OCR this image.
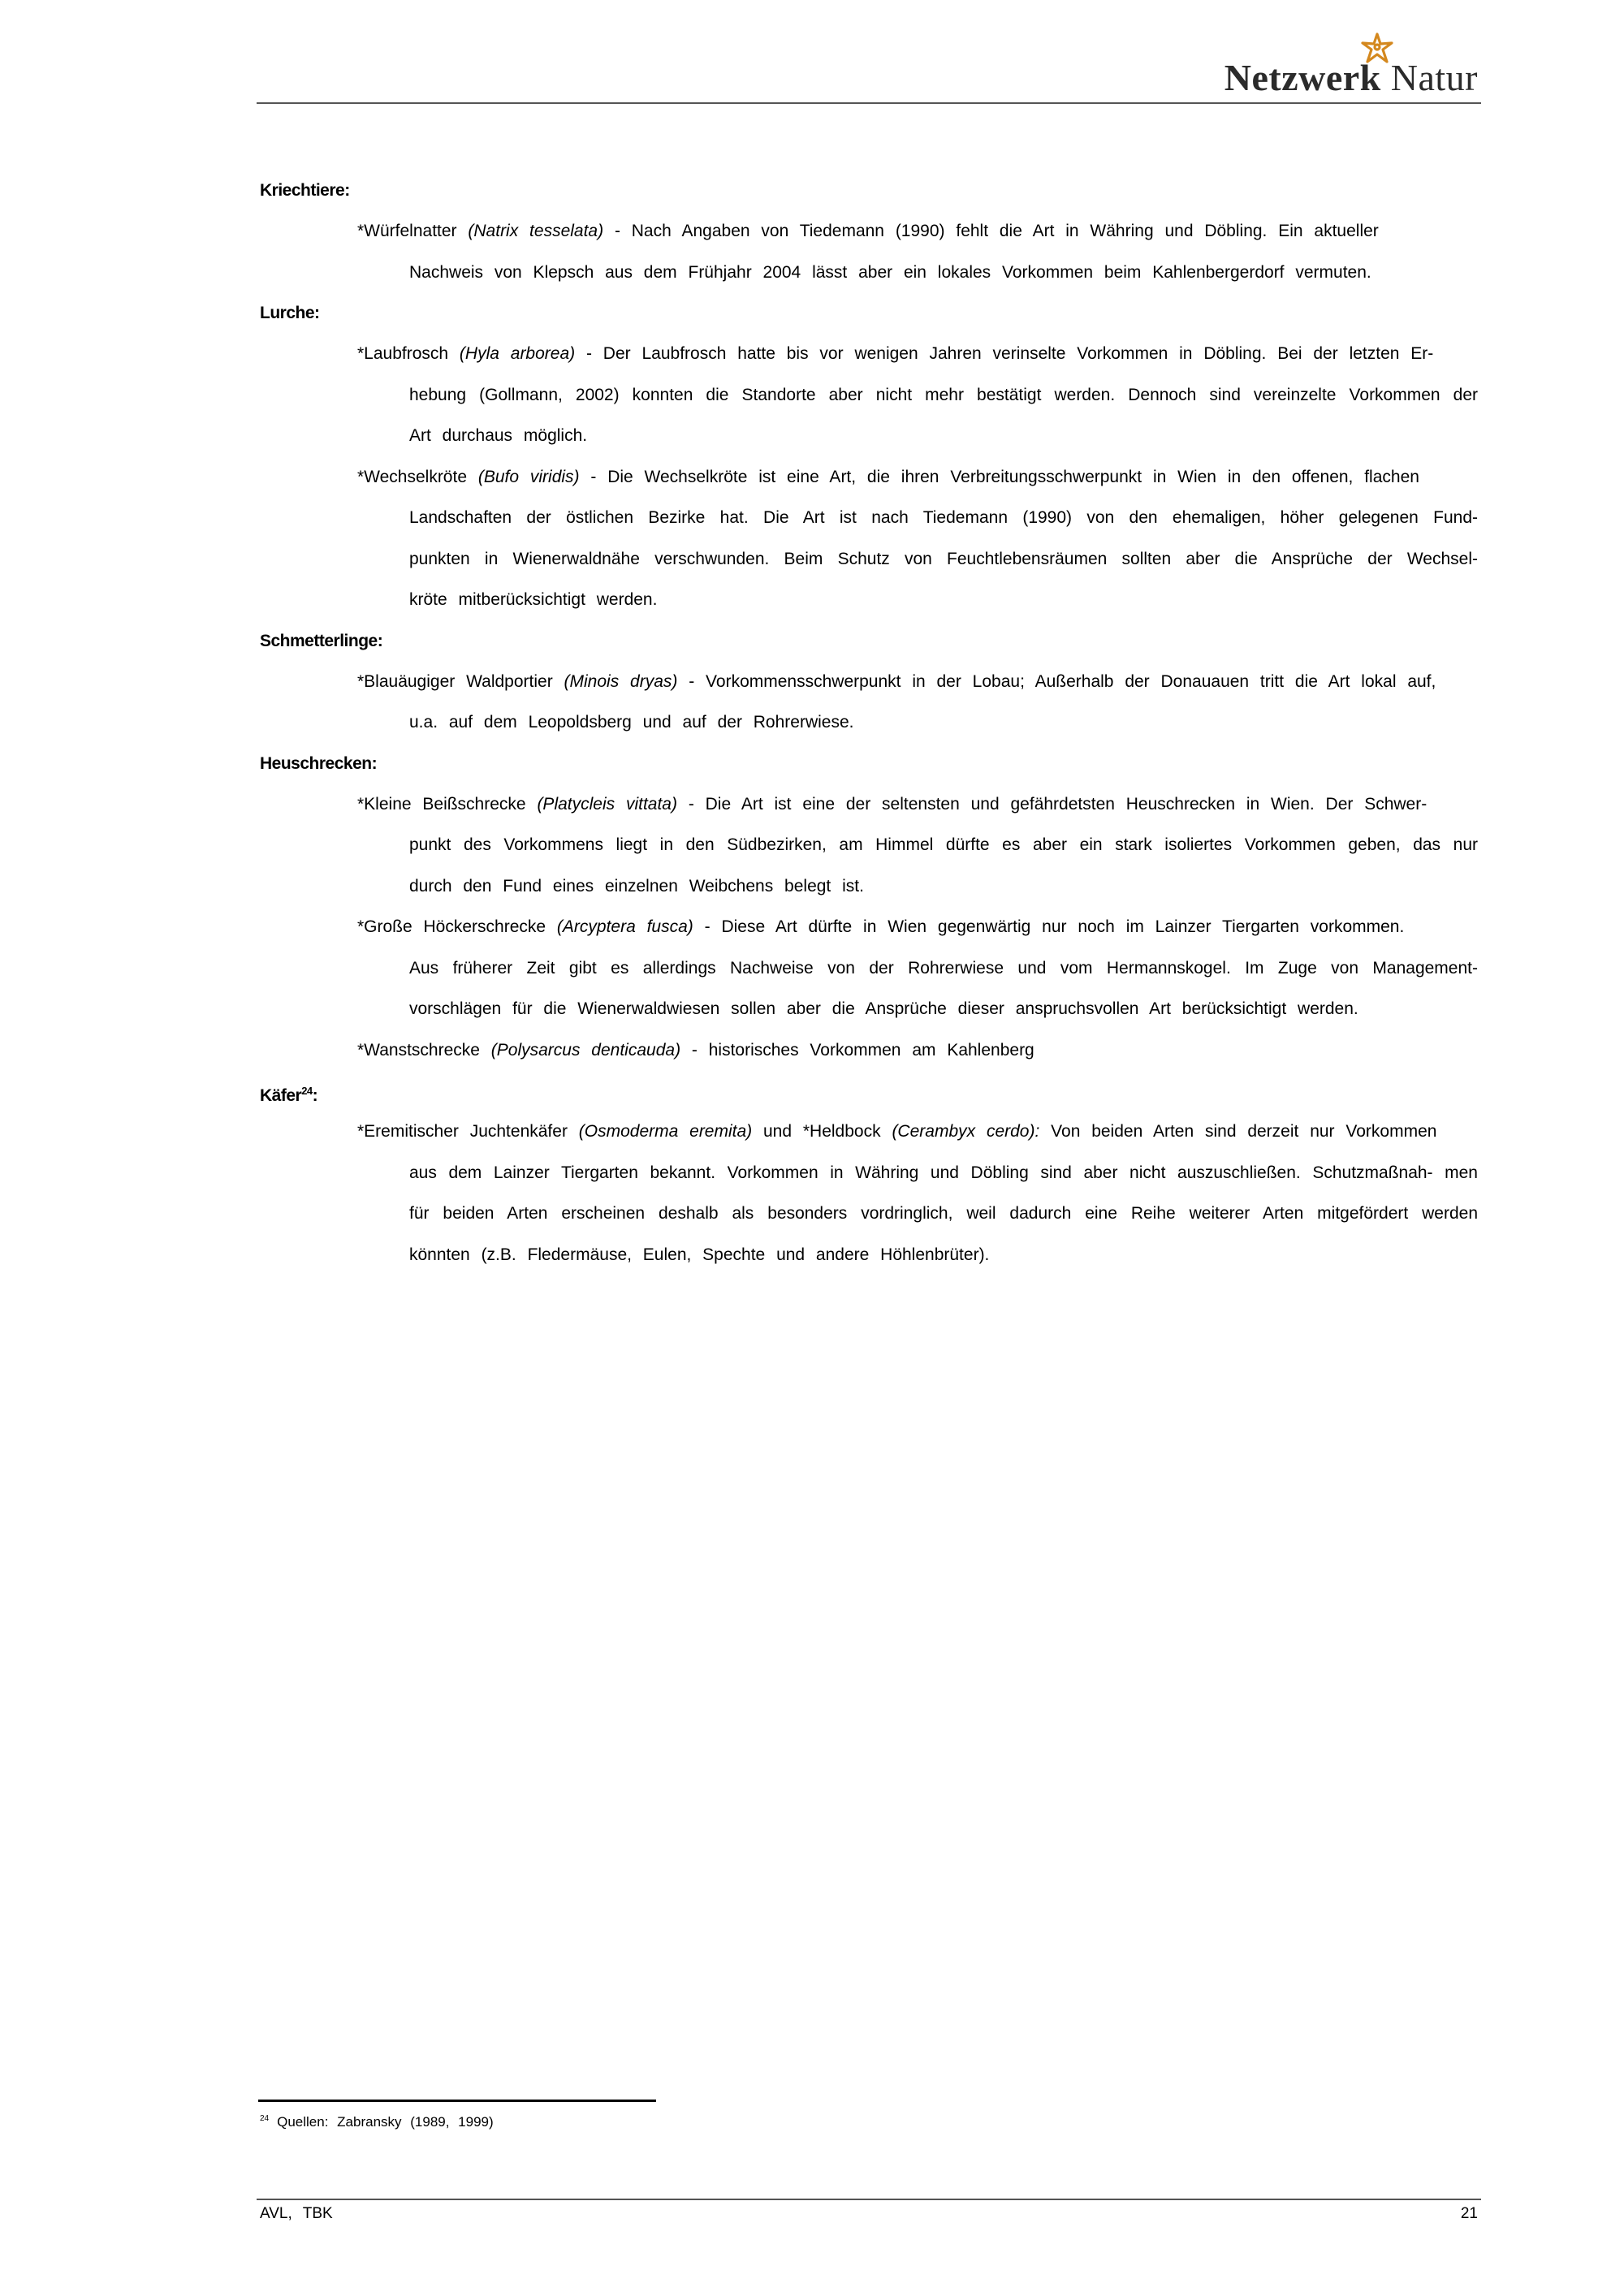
Netzwerk Natur
Kriechtiere:
*Würfelnatter (Natrix tesselata) - Nach Angaben von Tiedemann (1990) fehlt die Art in Währing und Döbling. Ein aktueller
Nachweis von Klepsch aus dem Frühjahr 2004 lässt aber ein lokales Vorkommen beim Kahlenbergerdorf vermuten.
Lurche:
*Laubfrosch (Hyla arborea) - Der Laubfrosch hatte bis vor wenigen Jahren verinselte Vorkommen in Döbling. Bei der letzten Er-
hebung (Gollmann, 2002) konnten die Standorte aber nicht mehr bestätigt werden. Dennoch sind vereinzelte Vorkommen der Art durchaus möglich.
*Wechselkröte (Bufo viridis) - Die Wechselkröte ist eine Art, die ihren Verbreitungsschwerpunkt in Wien in den offenen, flachen
Landschaften der östlichen Bezirke hat. Die Art ist nach Tiedemann (1990) von den ehemaligen, höher gelegenen Fund- punkten in Wienerwaldnähe verschwunden. Beim Schutz von Feuchtlebensräumen sollten aber die Ansprüche der Wechsel- kröte mitberücksichtigt werden.
Schmetterlinge:
*Blauäugiger Waldportier (Minois dryas) - Vorkommensschwerpunkt in der Lobau; Außerhalb der Donauauen tritt die Art lokal auf,
u.a. auf dem Leopoldsberg und auf der Rohrerwiese.
Heuschrecken:
*Kleine Beißschrecke (Platycleis vittata) - Die Art ist eine der seltensten und gefährdetsten Heuschrecken in Wien. Der Schwer-
punkt des Vorkommens liegt in den Südbezirken, am Himmel dürfte es aber ein stark isoliertes Vorkommen geben, das nur durch den Fund eines einzelnen Weibchens belegt ist.
*Große Höckerschrecke (Arcyptera fusca) - Diese Art dürfte in Wien gegenwärtig nur noch im Lainzer Tiergarten vorkommen.
Aus früherer Zeit gibt es allerdings Nachweise von der Rohrerwiese und vom Hermannskogel. Im Zuge von Management- vorschlägen für die Wienerwaldwiesen sollen aber die Ansprüche dieser anspruchsvollen Art berücksichtigt werden.
*Wanstschrecke (Polysarcus denticauda) - historisches Vorkommen am Kahlenberg
Käfer$^{24}$:
*Eremitischer Juchtenkäfer (Osmoderma eremita) und *Heldbock (Cerambyx cerdo): Von beiden Arten sind derzeit nur Vorkommen
aus dem Lainzer Tiergarten bekannt. Vorkommen in Währing und Döbling sind aber nicht auszuschließen. Schutzmaßnah- men für beiden Arten erscheinen deshalb als besonders vordringlich, weil dadurch eine Reihe weiterer Arten mitgefördert werden könnten (z.B. Fledermäuse, Eulen, Spechte und andere Höhlenbrüter).
$^{24}$ Quellen: Zabransky (1989, 1999)
AVL, TBK	21
